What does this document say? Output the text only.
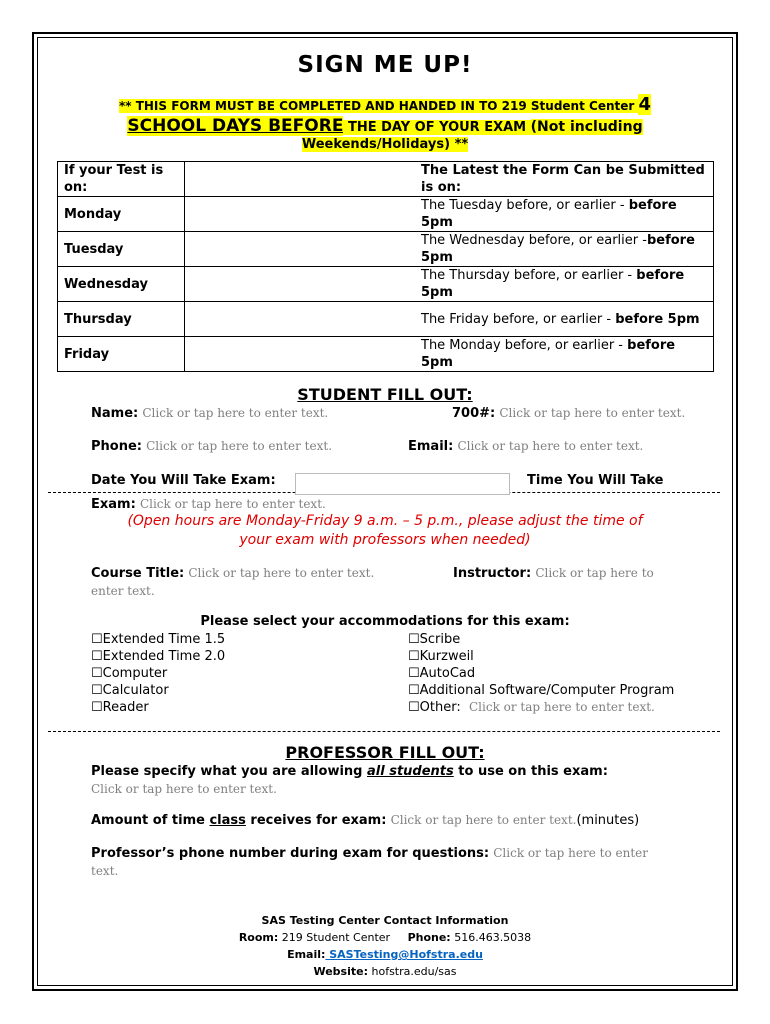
SIGN ME UP!
** THIS FORM MUST BE COMPLETED AND HANDED IN TO 219 Student Center 4
SCHOOL DAYS BEFORE THE DAY OF YOUR EXAM (Not including
Weekends/Holidays) **
If your Test is on:		The Latest the Form Can be Submitted is on:
Monday		The Tuesday before, or earlier - before 5pm
Tuesday		The Wednesday before, or earlier -before 5pm
Wednesday		The Thursday before, or earlier - before 5pm
Thursday		The Friday before, or earlier - before 5pm
Friday		The Monday before, or earlier - before 5pm
STUDENT FILL OUT:
Name: Click or tap here to enter text.	700#: Click or tap here to enter text.
Phone: Click or tap here to enter text.	Email: Click or tap here to enter text.
Date You Will Take Exam:	Time You Will Take
Exam: Click or tap here to enter text.
(Open hours are Monday-Friday 9 a.m. – 5 p.m., please adjust the time of
your exam with professors when needed)
Course Title: Click or tap here to enter text.	Instructor: Click or tap here to
enter text.
Please select your accommodations for this exam:
☐Extended Time 1.5
☐Extended Time 2.0
☐Computer
☐Calculator
☐Reader
☐Scribe
☐Kurzweil
☐AutoCad
☐Additional Software/Computer Program
☐Other: Click or tap here to enter text.
PROFESSOR FILL OUT:
Please specify what you are allowing all students to use on this exam:
Click or tap here to enter text.
Amount of time class receives for exam: Click or tap here to enter text.(minutes)
Professor’s phone number during exam for questions: Click or tap here to enter
text.
SAS Testing Center Contact Information
Room: 219 Student Center Phone: 516.463.5038
Email: SASTesting@Hofstra.edu
Website: hofstra.edu/sas
